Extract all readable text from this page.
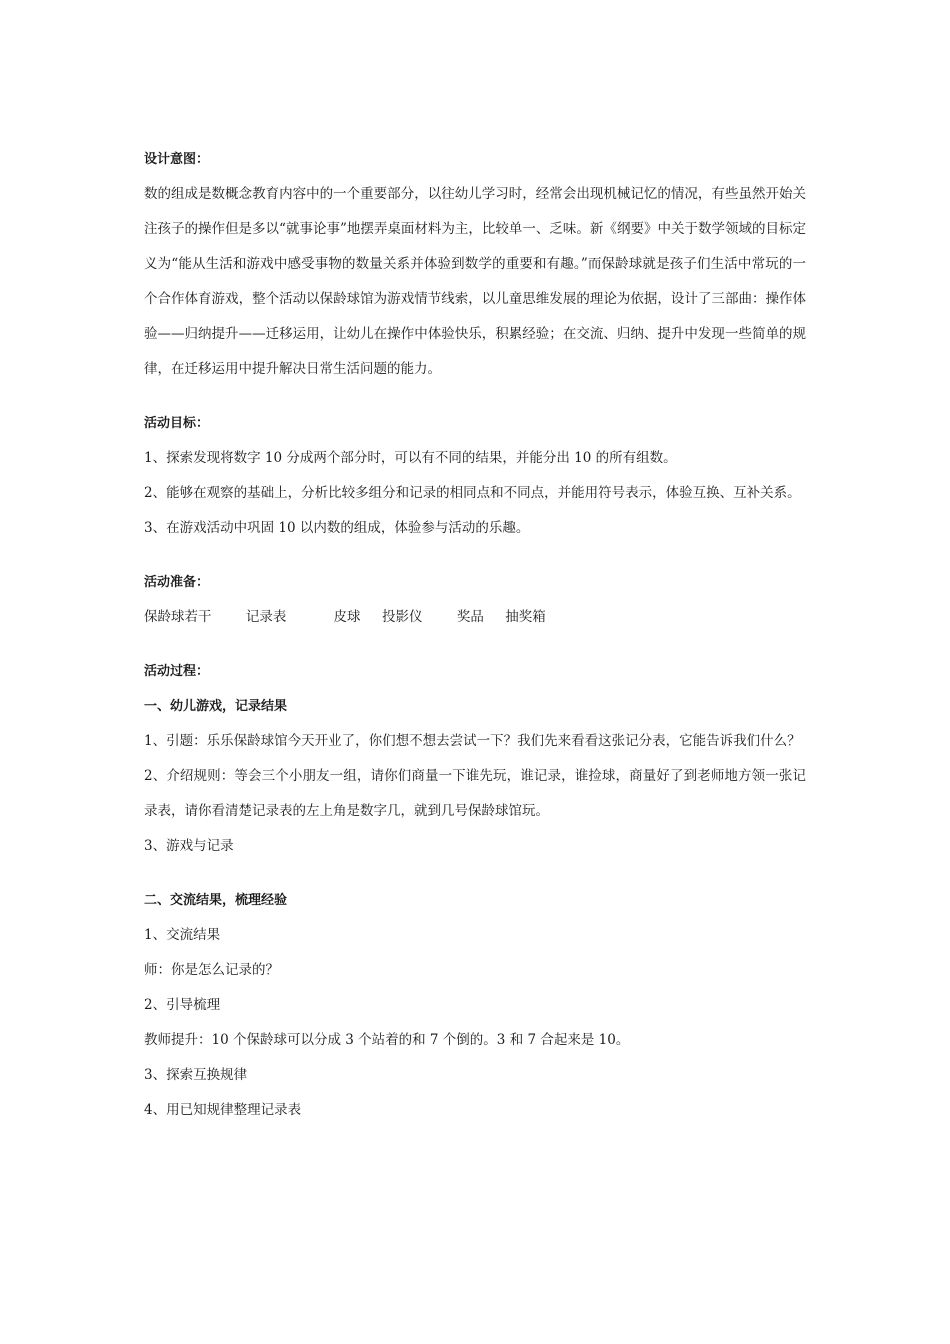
设计意图：
数的组成是数概念教育内容中的一个重要部分，以往幼儿学习时，经常会出现机械记忆的情况，有些虽然开始关注孩子的操作但是多以“就事论事”地摆弄桌面材料为主，比较单一、乏味。新《纲要》中关于数学领域的目标定义为“能从生活和游戏中感受事物的数量关系并体验到数学的重要和有趣。”而保龄球就是孩子们生活中常玩的一个合作体育游戏，整个活动以保龄球馆为游戏情节线索，以儿童思维发展的理论为依据，设计了三部曲：操作体验——归纳提升——迁移运用，让幼儿在操作中体验快乐，积累经验；在交流、归纳、提升中发现一些简单的规律，在迁移运用中提升解决日常生活问题的能力。
活动目标：
1、探索发现将数字 10 分成两个部分时，可以有不同的结果，并能分出 10 的所有组数。
2、能够在观察的基础上，分析比较多组分和记录的相同点和不同点，并能用符号表示，体验互换、互补关系。
3、在游戏活动中巩固 10 以内数的组成，体验参与活动的乐趣。
活动准备：
保龄球若干        记录表           皮球     投影仪        奖品     抽奖箱
活动过程：
一、幼儿游戏，记录结果
1、引题：乐乐保龄球馆今天开业了，你们想不想去尝试一下？我们先来看看这张记分表，它能告诉我们什么？
2、介绍规则：等会三个小朋友一组，请你们商量一下谁先玩，谁记录，谁捡球，商量好了到老师地方领一张记录表，请你看清楚记录表的左上角是数字几，就到几号保龄球馆玩。
3、游戏与记录
二、交流结果，梳理经验
1、交流结果
师：你是怎么记录的？
2、引导梳理
教师提升：10 个保龄球可以分成 3 个站着的和 7 个倒的。3 和 7 合起来是 10。
3、探索互换规律
4、用已知规律整理记录表
